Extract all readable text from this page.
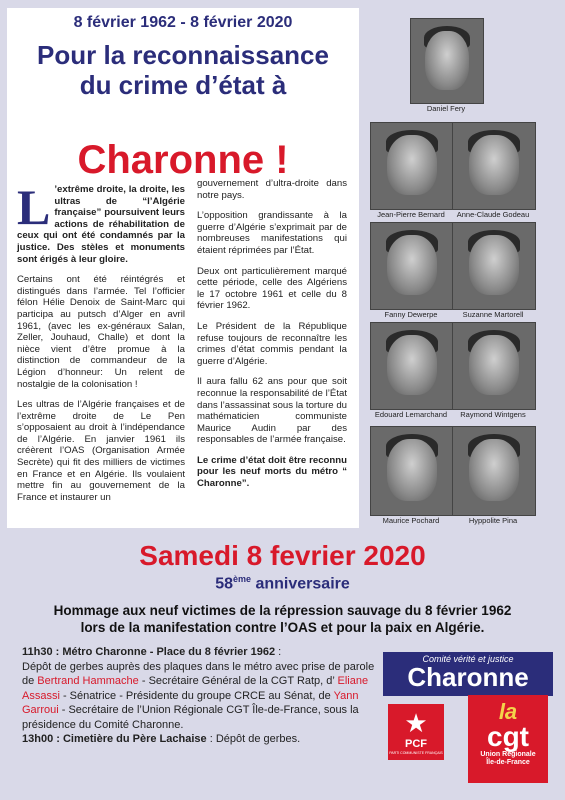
8 février 1962 - 8 février 2020
Pour la reconnaissance
du crime d’état à
Charonne !

L ’extrême droite, la droite, les ultras de “l’Algérie française” poursuivent leurs actions de réhabilitation de ceux qui ont été condamnés par la justice. Des stèles et monuments sont érigés à leur gloire.

Certains ont été réintégrés et distingués dans l’armée. Tel l’officier félon Hélie Denoix de Saint-Marc qui participa au putsch d’Alger en avril 1961, (avec les ex-généraux Salan, Zeller, Jouhaud, Challe) et dont la nièce vient d’être promue à la distinction de commandeur de la Légion d’honneur: Un relent de nostalgie de la colonisation !

Les ultras de l’Algérie françaises et de l’extrême droite de Le Pen s’opposaient au droit à l’indépendance de l’Algérie. En janvier 1961 ils créèrent l’OAS (Organisation Armée Secrète) qui fit des milliers de victimes en France et en Algérie. Ils voulaient mettre fin au gouvernement de la France et instaurer un

gouvernement d’ultra-droite dans notre pays.

L’opposition grandissante à la guerre d’Algérie s’exprimait par de nombreuses manifestations qui étaient réprimées par l’État.

Deux ont particulièrement marqué cette période, celle des Algériens le 17 octobre 1961 et celle du 8 février 1962.

Le Président de la République refuse toujours de reconnaître les crimes d’état commis pendant la guerre d’Algérie.

Il aura fallu 62 ans pour que soit reconnue la responsabilité de l’État dans l’assassinat sous la torture du mathématicien communiste Maurice Audin par des responsables de l’armée française.

Le crime d’état doit être reconnu pour les neuf morts du métro “ Charonne”.

Daniel Fery
Jean-Pierre Bernard	Anne-Claude Godeau
Fanny Dewerpe	Suzanne Martorell
Edouard Lemarchand	Raymond Wintgens
Maurice Pochard	Hyppolite Pina
Samedi 8 fevrier 2020
58ème anniversaire
Hommage aux neuf victimes de la répression sauvage du 8 février 1962
lors de la manifestation contre l’OAS et pour la paix en Algérie.
11h30 : Métro Charonne - Place du 8 février 1962 :
Dépôt de gerbes auprès des plaques dans le métro avec prise de parole de Bertrand Hammache - Secrétaire Général de la CGT Ratp, d’ Eliane Assassi - Sénatrice - Présidente du groupe CRCE au Sénat, de Yann Garroui - Secrétaire de l’Union Régionale CGT Île-de-France, sous la présidence du Comité Charonne.
13h00 : Cimetière du Père Lachaise : Dépôt de gerbes.
Comité vérité et justice
Charonne
★
PCF
PARTI COMMUNISTE FRANÇAIS
la
cgt
Union Régionale
Île-de-France
